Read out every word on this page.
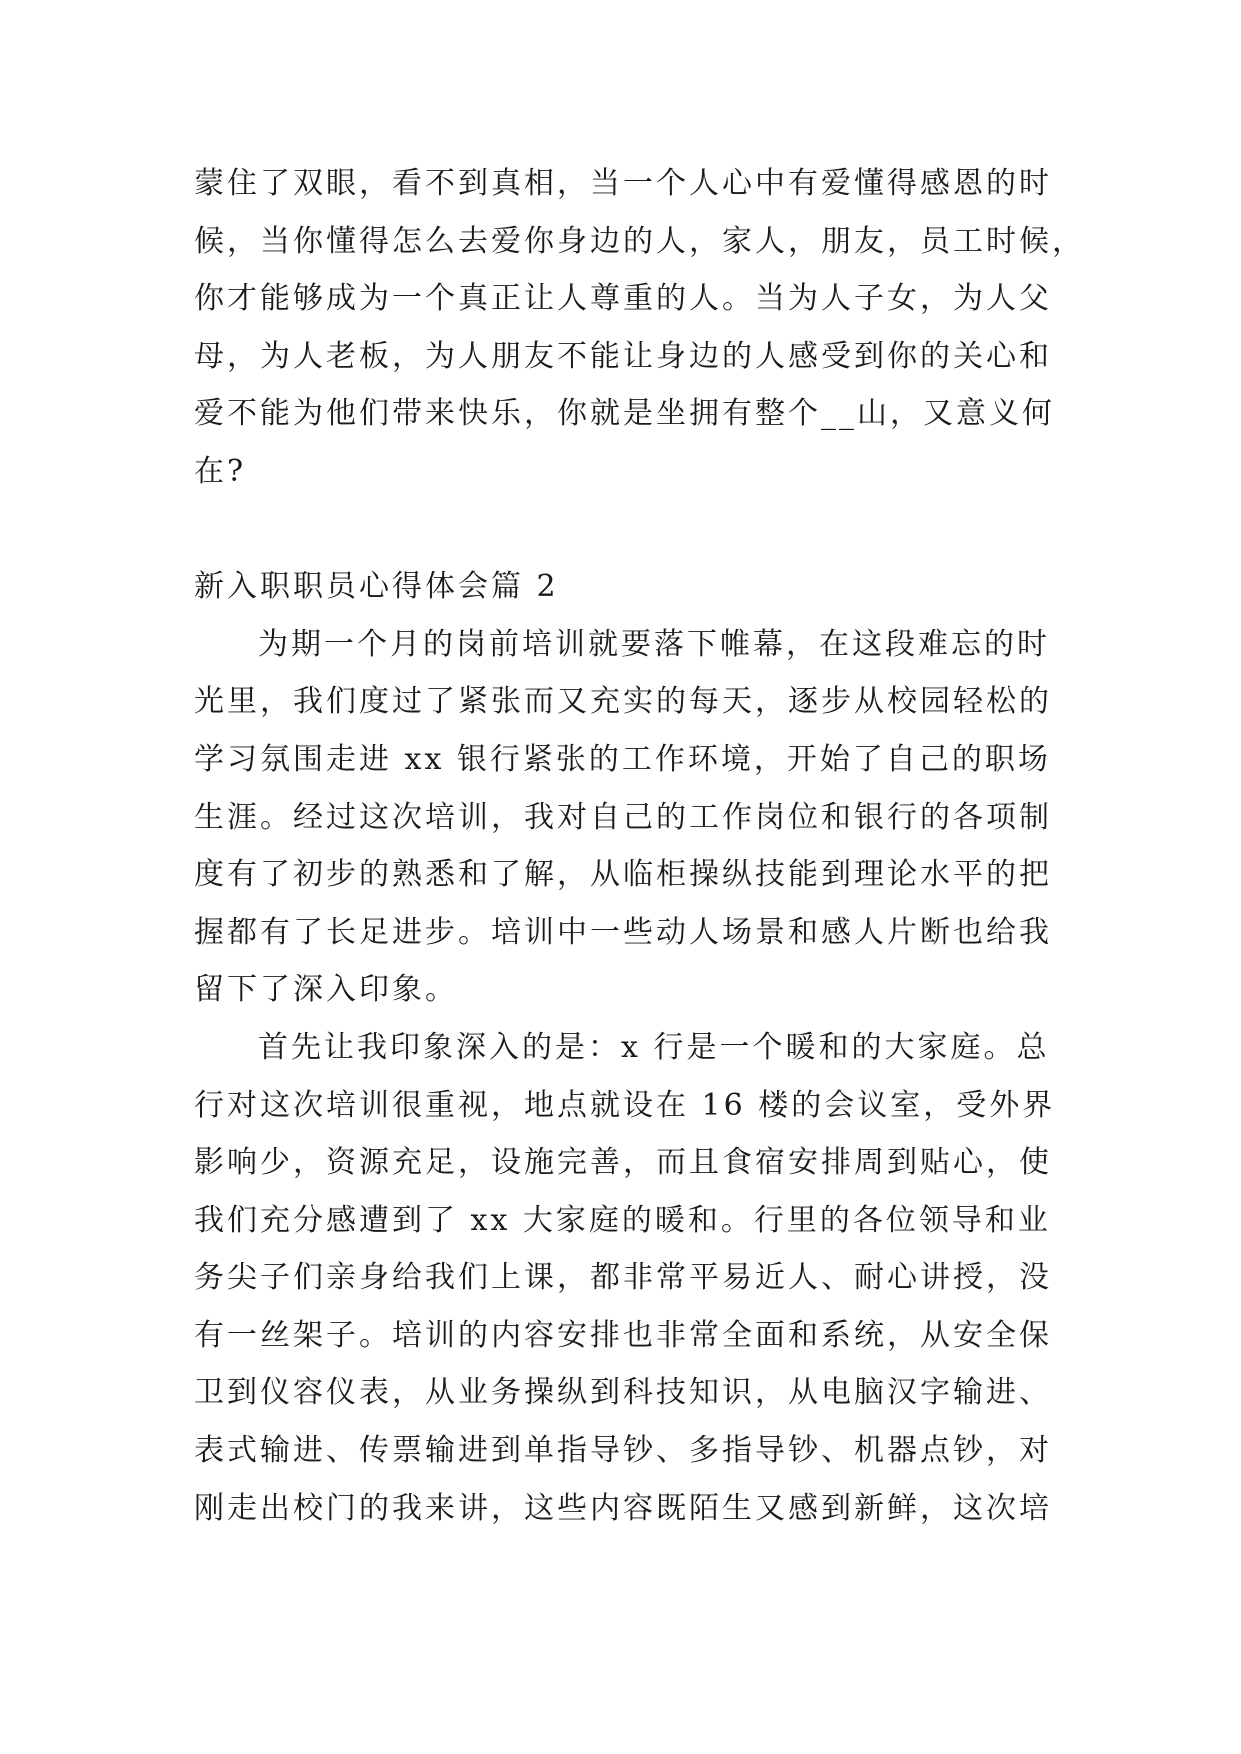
蒙住了双眼，看不到真相，当一个人心中有爱懂得感恩的时
候，当你懂得怎么去爱你身边的人，家人，朋友，员工时候，
你才能够成为一个真正让人尊重的人。当为人子女，为人父
母，为人老板，为人朋友不能让身边的人感受到你的关心和
爱不能为他们带来快乐，你就是坐拥有整个__山，又意义何
在?
新入职职员心得体会篇 2
为期一个月的岗前培训就要落下帷幕，在这段难忘的时
光里，我们度过了紧张而又充实的每天，逐步从校园轻松的
学习氛围走进 xx 银行紧张的工作环境，开始了自己的职场
生涯。经过这次培训，我对自己的工作岗位和银行的各项制
度有了初步的熟悉和了解，从临柜操纵技能到理论水平的把
握都有了长足进步。培训中一些动人场景和感人片断也给我
留下了深入印象。
首先让我印象深入的是：x 行是一个暖和的大家庭。总
行对这次培训很重视，地点就设在 16 楼的会议室，受外界
影响少，资源充足，设施完善，而且食宿安排周到贴心，使
我们充分感遭到了 xx 大家庭的暖和。行里的各位领导和业
务尖子们亲身给我们上课，都非常平易近人、耐心讲授，没
有一丝架子。培训的内容安排也非常全面和系统，从安全保
卫到仪容仪表，从业务操纵到科技知识，从电脑汉字输进、
表式输进、传票输进到单指导钞、多指导钞、机器点钞，对
刚走出校门的我来讲，这些内容既陌生又感到新鲜，这次培
